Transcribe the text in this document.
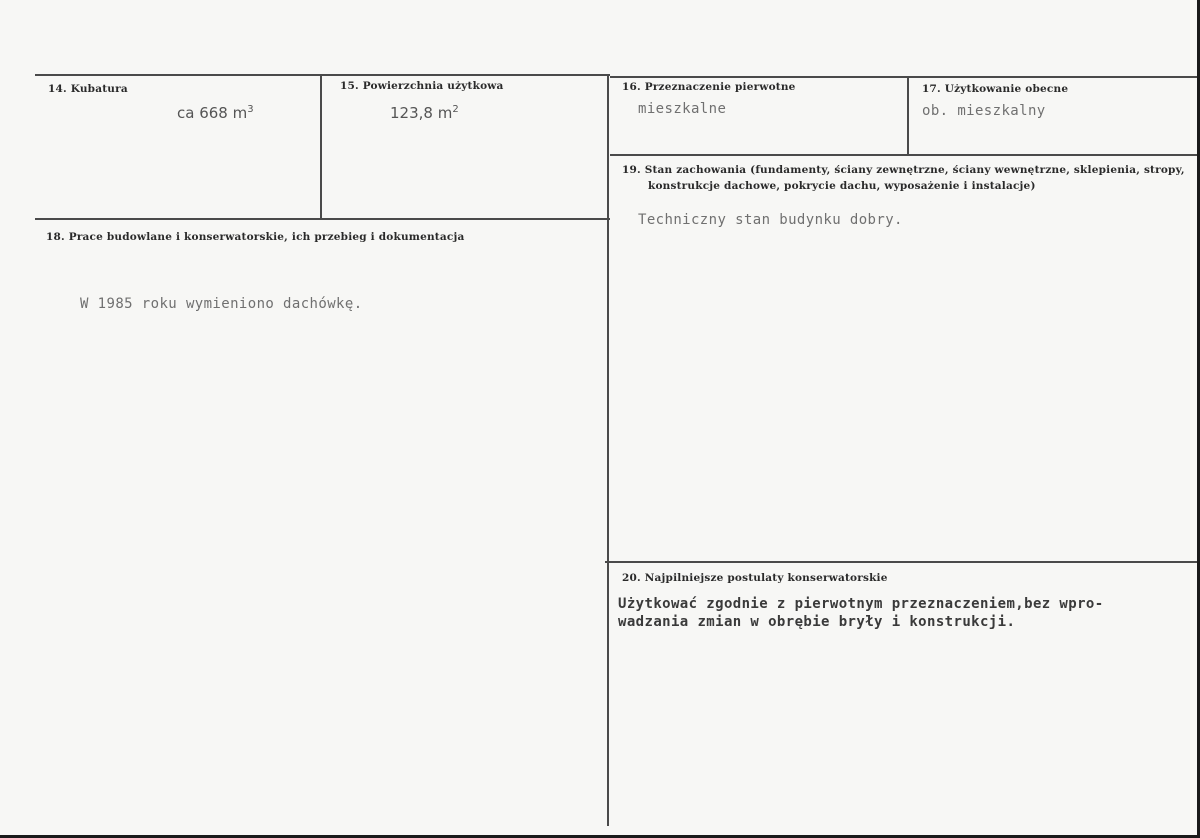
14. Kubatura
ca 668 $m^3$
15. Powierzchnia użytkowa
123,8 $m^2$
16. Przeznaczenie pierwotne
mieszkalne
17. Użytkowanie obecne
ob. mieszkalny
19. Stan zachowania (fundamenty, ściany zewnętrzne, ściany wewnętrzne, sklepienia, stropy,
konstrukcje dachowe, pokrycie dachu, wyposażenie i instalacje)
Techniczny stan budynku dobry.
18. Prace budowlane i konserwatorskie, ich przebieg i dokumentacja
W 1985 roku wymieniono dachówkę.
20. Najpilniejsze postulaty konserwatorskie
Użytkować zgodnie z pierwotnym przeznaczeniem,bez wpro-
wadzania zmian w obrębie bryły i konstrukcji.
